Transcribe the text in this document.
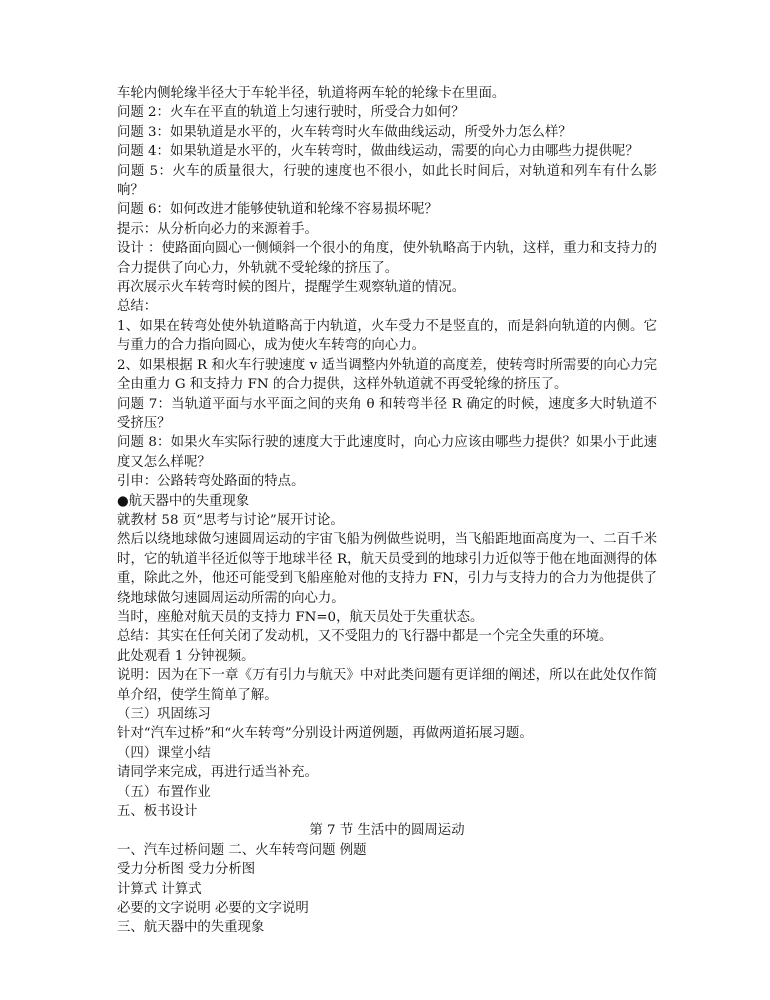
车轮内侧轮缘半径大于车轮半径，轨道将两车轮的轮缘卡在里面。

问题 2：火车在平直的轨道上匀速行驶时，所受合力如何？

问题 3：如果轨道是水平的，火车转弯时火车做曲线运动，所受外力怎么样？

问题 4：如果轨道是水平的，火车转弯时，做曲线运动，需要的向心力由哪些力提供呢？

问题 5：火车的质量很大，行驶的速度也不很小，如此长时间后，对轨道和列车有什么影响？

问题 6：如何改进才能够使轨道和轮缘不容易损坏呢？

提示：从分析向必力的来源着手。

设计 ：使路面向圆心一侧倾斜一个很小的角度，使外轨略高于内轨，这样，重力和支持力的合力提供了向心力，外轨就不受轮缘的挤压了。

再次展示火车转弯时候的图片，提醒学生观察轨道的情况。

总结：

1、如果在转弯处使外轨道略高于内轨道，火车受力不是竖直的，而是斜向轨道的内侧。它与重力的合力指向圆心，成为使火车转弯的向心力。

2、如果根据 R 和火车行驶速度 v 适当调整内外轨道的高度差，使转弯时所需要的向心力完全由重力 G 和支持力 FN 的合力提供，这样外轨道就不再受轮缘的挤压了。

问题 7：当轨道平面与水平面之间的夹角 θ 和转弯半径 R 确定的时候，速度多大时轨道不受挤压？

问题 8：如果火车实际行驶的速度大于此速度时，向心力应该由哪些力提供？如果小于此速度又怎么样呢？

引申：公路转弯处路面的特点。

●航天器中的失重现象

就教材 58 页“思考与讨论”展开讨论。

然后以绕地球做匀速圆周运动的宇宙飞船为例做些说明，当飞船距地面高度为一、二百千米时，它的轨道半径近似等于地球半径 R，航天员受到的地球引力近似等于他在地面测得的体重，除此之外，他还可能受到飞船座舱对他的支持力 FN，引力与支持力的合力为他提供了绕地球做匀速圆周运动所需的向心力。

当时，座舱对航天员的支持力 FN=0，航天员处于失重状态。

总结：其实在任何关闭了发动机，又不受阻力的飞行器中都是一个完全失重的环境。

此处观看 1 分钟视频。

说明：因为在下一章《万有引力与航天》中对此类问题有更详细的阐述，所以在此处仅作简单介绍，使学生简单了解。

（三）巩固练习

针对“汽车过桥”和“火车转弯”分别设计两道例题，再做两道拓展习题。

（四）课堂小结

请同学来完成，再进行适当补充。

（五）布置作业

五、板书设计

第 7 节 生活中的圆周运动

一、汽车过桥问题 二、火车转弯问题 例题

受力分析图 受力分析图

计算式 计算式

必要的文字说明 必要的文字说明

三、航天器中的失重现象
